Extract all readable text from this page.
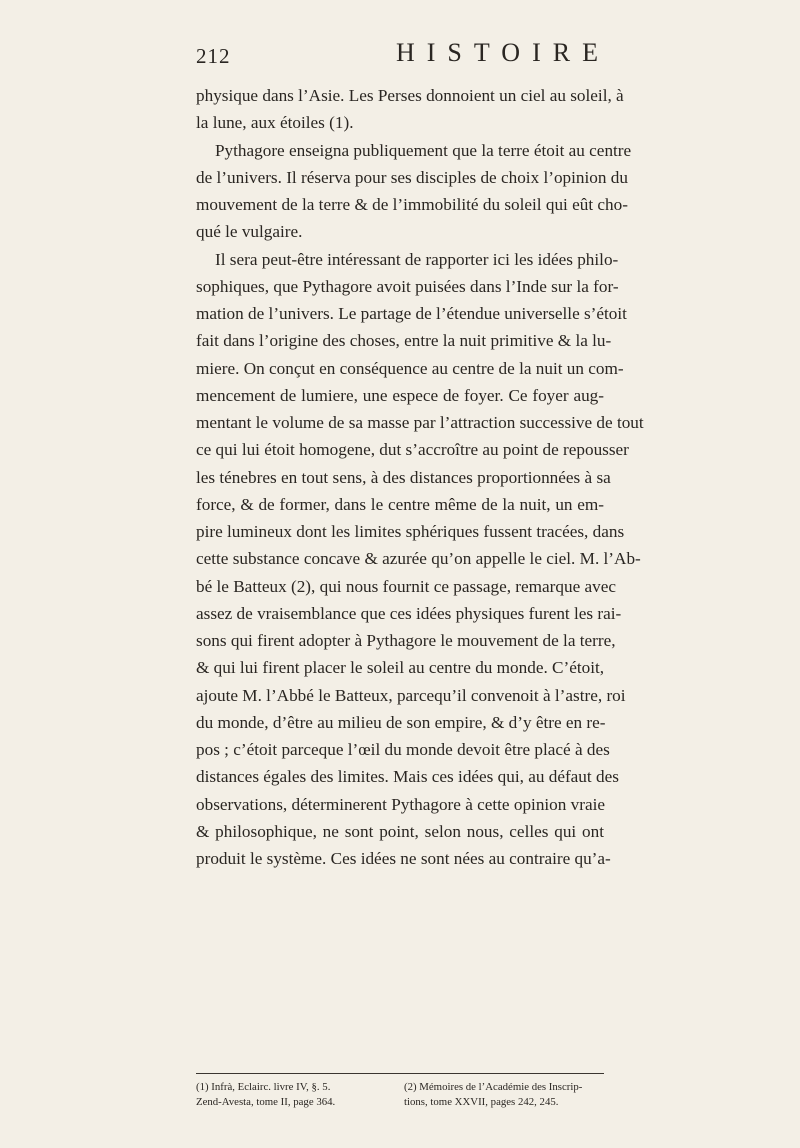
212	HISTOIRE
physique dans l’Asie. Les Perses donnoient un ciel au soleil, à
la lune, aux étoiles (1).
Pythagore enseigna publiquement que la terre étoit au centre
de l’univers. Il réserva pour ses disciples de choix l’opinion du
mouvement de la terre & de l’immobilité du soleil qui eût cho-
qué le vulgaire.
Il sera peut-être intéressant de rapporter ici les idées philo-
sophiques, que Pythagore avoit puisées dans l’Inde sur la for-
mation de l’univers. Le partage de l’étendue universelle s’étoit
fait dans l’origine des choses, entre la nuit primitive & la lu-
miere. On conçut en conséquence au centre de la nuit un com-
mencement de lumiere, une espece de foyer. Ce foyer aug-
mentant le volume de sa masse par l’attraction successive de tout
ce qui lui étoit homogene, dut s’accroître au point de repousser
les ténebres en tout sens, à des distances proportionnées à sa
force, & de former, dans le centre même de la nuit, un em-
pire lumineux dont les limites sphériques fussent tracées, dans
cette substance concave & azurée qu’on appelle le ciel. M. l’Ab-
bé le Batteux (2), qui nous fournit ce passage, remarque avec
assez de vraisemblance que ces idées physiques furent les rai-
sons qui firent adopter à Pythagore le mouvement de la terre,
& qui lui firent placer le soleil au centre du monde. C’étoit,
ajoute M. l’Abbé le Batteux, parcequ’il convenoit à l’astre, roi
du monde, d’être au milieu de son empire, & d’y être en re-
pos ; c’étoit parceque l’œil du monde devoit être placé à des
distances égales des limites. Mais ces idées qui, au défaut des
observations, déterminerent Pythagore à cette opinion vraie
& philosophique, ne sont point, selon nous, celles qui ont
produit le système. Ces idées ne sont nées au contraire qu’a-
(1) Infrà, Eclairc. livre IV, §. 5.
Zend-Avesta, tome II, page 364.
(2) Mémoires de l’Académie des Inscrip-
tions, tome XXVII, pages 242, 245.
